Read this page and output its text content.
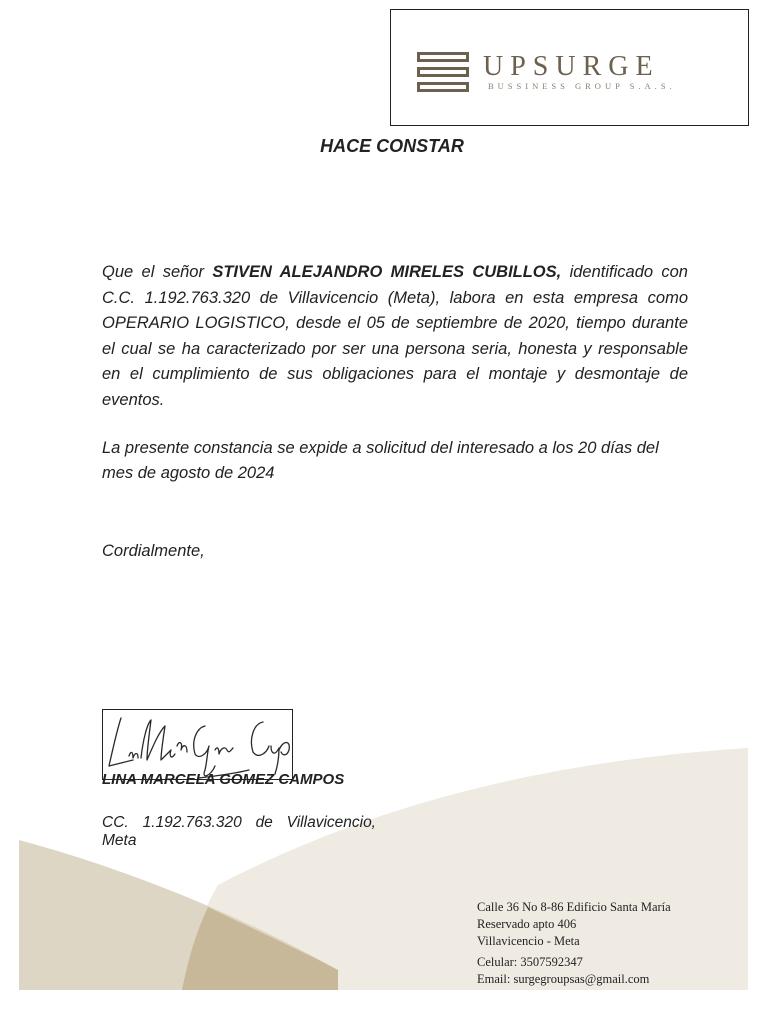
UPSURGE
BUSSINESS GROUP S.A.S.
HACE CONSTAR

Que el señor STIVEN ALEJANDRO MIRELES CUBILLOS, identificado con C.C. 1.192.763.320 de Villavicencio (Meta), labora en esta empresa como OPERARIO LOGISTICO, desde el 05 de septiembre de 2020, tiempo durante el cual se ha caracterizado por ser una persona seria, honesta y responsable en el cumplimiento de sus obligaciones para el montaje y desmontaje de eventos.

La presente constancia se expide a solicitud del interesado a los 20 días del
mes de agosto de 2024

Cordialmente,

LINA MARCELA GOMEZ CAMPOS

CC. 1.192.763.320 de Villavicencio, Meta

Calle 36 No 8-86 Edificio Santa María
Reservado apto 406
Villavicencio - Meta
Celular: 3507592347
Email: surgegroupsas@gmail.com
